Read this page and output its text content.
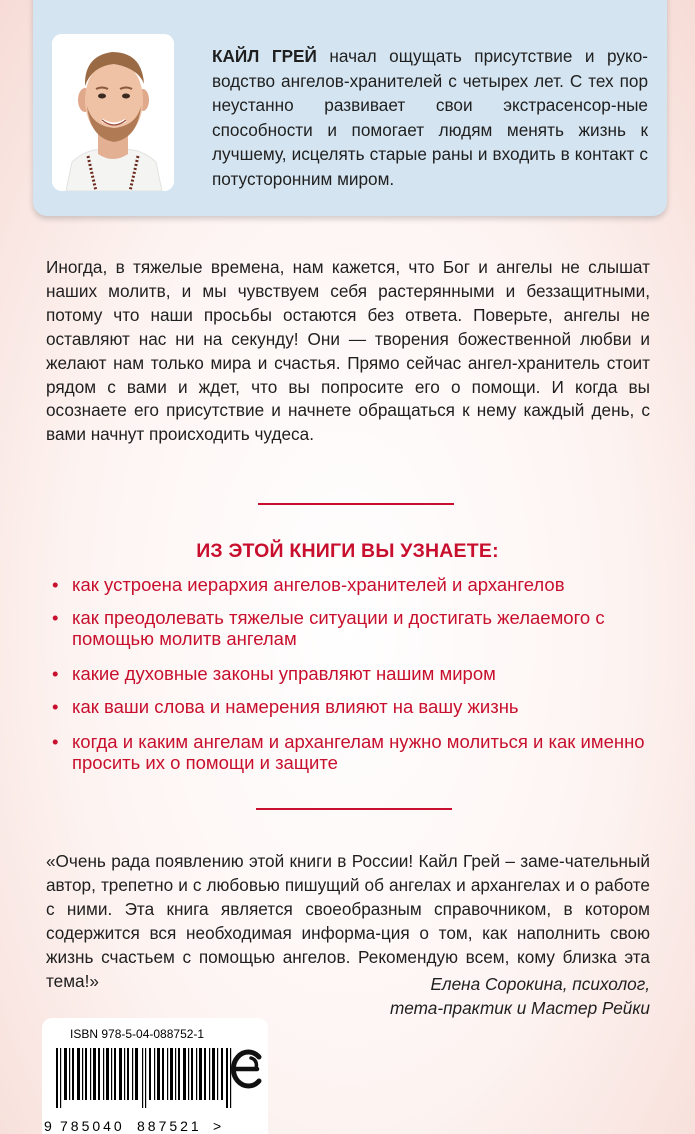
КАЙЛ ГРЕЙ начал ощущать присутствие и руко-водство ангелов-хранителей с четырех лет. С тех пор неустанно развивает свои экстрасенсор-ные способности и помогает людям менять жизнь к лучшему, исцелять старые раны и входить в контакт с потусторонним миром.

Иногда, в тяжелые времена, нам кажется, что Бог и ангелы не слышат наших молитв, и мы чувствуем себя растерянными и беззащитными, потому что наши просьбы остаются без ответа. Поверьте, ангелы не оставляют нас ни на секунду! Они — творения божественной любви и желают нам только мира и счастья. Прямо сейчас ангел-хранитель стоит рядом с вами и ждет, что вы попросите его о помощи. И когда вы осознаете его присутствие и начнете обращаться к нему каждый день, с вами начнут происходить чудеса.

ИЗ ЭТОЙ КНИГИ ВЫ УЗНАЕТЕ:
• как устроена иерархия ангелов-хранителей и архангелов
• как преодолевать тяжелые ситуации и достигать желаемого с помощью молитв ангелам
• какие духовные законы управляют нашим миром
• как ваши слова и намерения влияют на вашу жизнь
• когда и каким ангелам и архангелам нужно молиться и как именно просить их о помощи и защите

«Очень рада появлению этой книги в России! Кайл Грей – заме-чательный автор, трепетно и с любовью пишущий об ангелах и архангелах и о работе с ними. Эта книга является своеобразным справочником, в котором содержится вся необходимая информа-ция о том, как наполнить свою жизнь счастьем с помощью ангелов. Рекомендую всем, кому близка эта тема!»	Елена Сорокина, психолог,
тета-практик и Мастер Рейки
ISBN 978-5-04-088752-1
9 785040 887521 >
